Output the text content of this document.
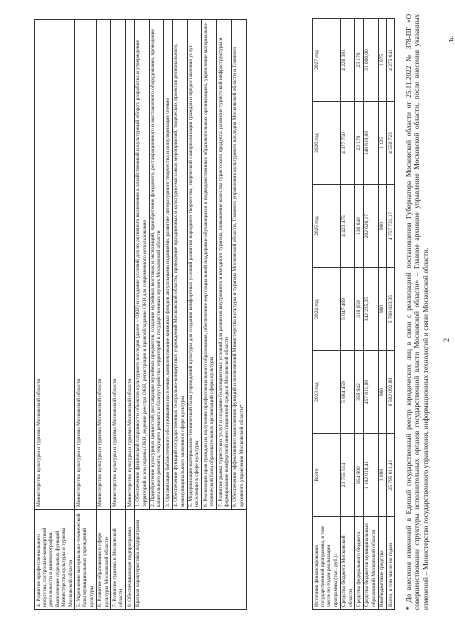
4. Развитие профессионального искусства, гастрольно-концертной деятельности и кинематографии. Выполнение отдельных функций Министерства культуры и туризма Московской области	Министерство культуры и туризма Московской области
5. Укрепление материально-технической базы муниципальных учреждений культуры	Министерство культуры и туризма Московской области
6. Развитие образования в сфере культуры Московской области	Министерство культуры и туризма Московской области
7. Развитие туризма в Московской области	Министерство культуры и туризма Московской области
8. Обеспечивающая подпрограмма	Министерство культуры и туризма Московской области
Краткая характеристика подпрограмм	1. Обеспечение физической сохранности объектов культурного наследия (далее – ОКН) и создание условий для их активного включения в хозяйственный и культурный оборот, разработка и утверждение территорий и зон охраны ОКН, ведение реестра ОКН, регистрация и правообладание ОКН для современного использования
	2. Приобретение культурных ценностей, реставрация музейных предметов, создание музейных выставок и экспозиций, приобретение фондового, реставрационного и выставочного оборудования, проведение капитального ремонта, текущего ремонта и благоустройства территорий в государственных музеях Московской области
	3. Организация библиотечного обслуживания населения, комплектование книжных фондов актуальными изданиями, развитие литературного творчества и популяризация чтения
	4. Обеспечение функций государственных театрально-концертных учреждений Московской области, проведение праздничных и культурно-массовых мероприятий, творческих проектов регионального, межмуниципального значения в сфере культуры
	5. Модернизация материально-технической базы учреждений культуры для создания комфортных условий развития народного творчества, творческой самореализации граждан и предоставления услуг населению в сфере культуры
	6. Реализация прав граждан на получение профессионального образования, обеспечение мер социальной поддержки обучающихся в подведомственных образовательных организациях, укрепление материально-технической базы образовательных организаций сферы культуры
	7. Развитие рынка туристских услуг и создание благоприятных условий для развития внутреннего и въездного туризма, повышение качества туристского продукта, развитие туристской инфраструктуры и формирование комфортной инвестиционной среды в Московской области
	8. Обеспечение эффективного выполнения функций и полномочий Министерства культуры и туризма Московской области, Главного управления культурного наследия Московской области и Главного архивного управления Московской области*
Источник финансирования государственной программы, в том числе по годам реализации программы (тыс. руб.):	Всего	2023 год	2024 год	2025 год	2026 год	2027 год
Средства бюджета Московской области	23 755 514	5 684 459	5 047 469	4 423 475	4 377 750	4 220 381
Средства федерального бюджета	854 990	359 942	318 059	130 640	23 179	23 179
Средства бюджетов муниципальных образований Московской области	1 182 018,41	457 611,89	342 235,35	202 626,17	148 619,00	31 006,00
Внебюджетные средства	3 088	960	960	960	1 125	1 075
Всего, в том числе по годам	25 795 611,41	6 502 092,89	5 708 823,35	4 757 731,17	4 550 723	4 275 641
* До внесения изменений в Единый государственный реестр юридических лиц в связи с реализацией постановления Губернатора Московской области от 25.11.2022 № 378-ПГ «О совершенствовании структуры исполнительных органов государственной власти Московской области» – Главное архивное управление Московской области, после внесения указанных изменений – Министерство государственного управления, информационных технологий и связи Московской области. 2
ъ.
